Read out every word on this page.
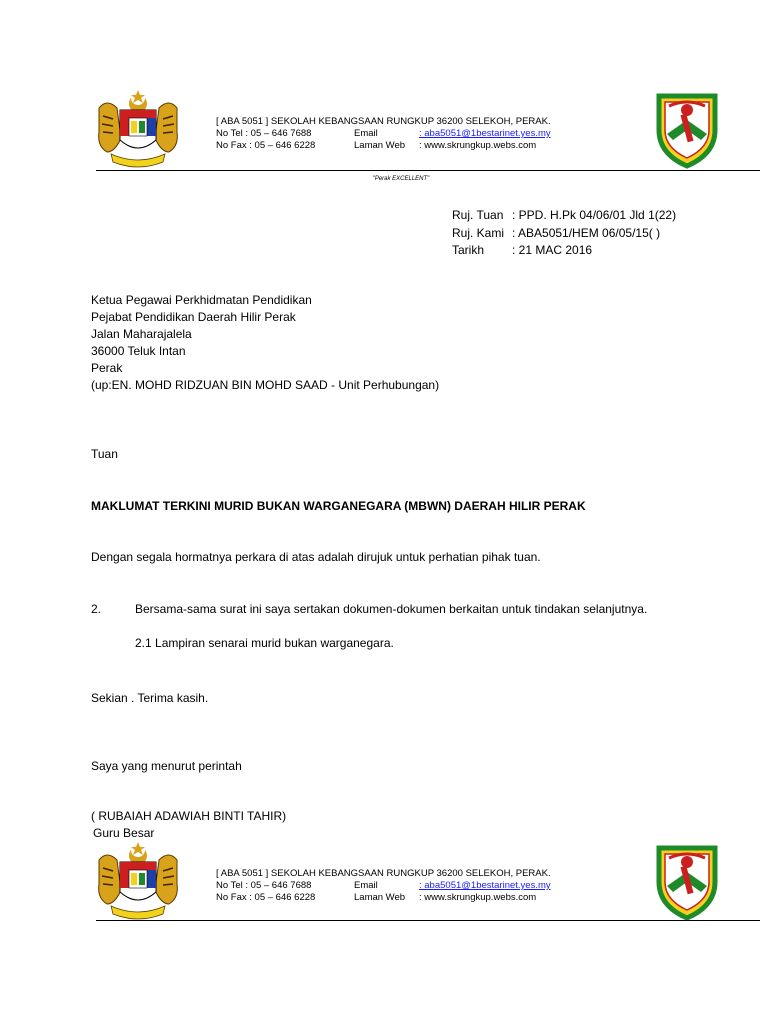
[ ABA 5051 ] SEKOLAH KEBANGSAAN RUNGKUP 36200 SELEKOH, PERAK.
No Tel : 05 – 646 7688	Email	: aba5051@1bestarinet.yes.my
No Fax : 05 – 646 6228	Laman Web : www.skrungkup.webs.com
"Perak EXCELLENT"
Ruj. Tuan : PPD. H.Pk 04/06/01 Jld 1(22)
Ruj. Kami : ABA5051/HEM 06/05/15( )
Tarikh : 21 MAC 2016
Ketua Pegawai Perkhidmatan Pendidikan
Pejabat Pendidikan Daerah Hilir Perak
Jalan Maharajalela
36000 Teluk Intan
Perak
(up:EN. MOHD RIDZUAN BIN MOHD SAAD - Unit Perhubungan)
Tuan
MAKLUMAT TERKINI MURID BUKAN WARGANEGARA (MBWN) DAERAH HILIR PERAK
Dengan segala hormatnya perkara di atas adalah dirujuk untuk perhatian pihak tuan.
2.	Bersama-sama surat ini saya sertakan dokumen-dokumen berkaitan untuk tindakan selanjutnya.
2.1 Lampiran senarai murid bukan warganegara.
Sekian . Terima kasih.
Saya yang menurut perintah
( RUBAIAH ADAWIAH BINTI TAHIR)
Guru Besar
[ ABA 5051 ] SEKOLAH KEBANGSAAN RUNGKUP 36200 SELEKOH, PERAK.
No Tel : 05 – 646 7688	Email	: aba5051@1bestarinet.yes.my
No Fax : 05 – 646 6228	Laman Web : www.skrungkup.webs.com
